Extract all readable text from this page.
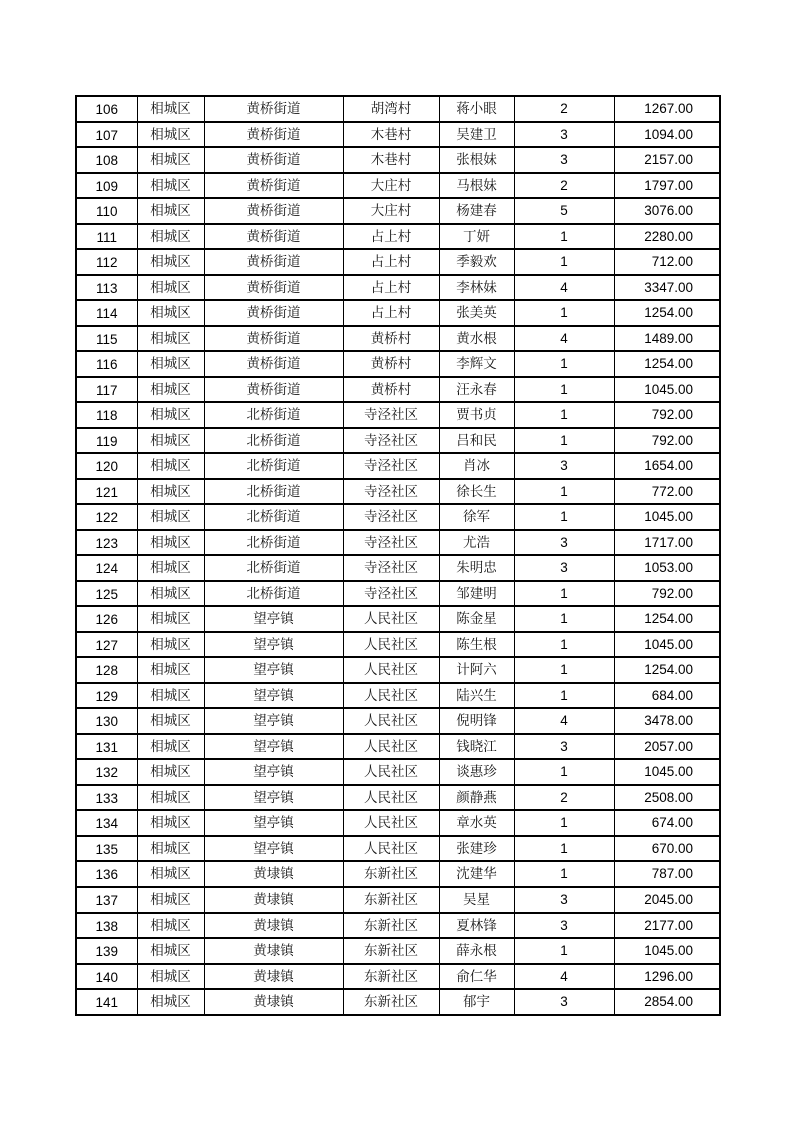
106	相城区	黄桥街道	胡湾村	蒋小眼	2	1267.00
107	相城区	黄桥街道	木巷村	吴建卫	3	1094.00
108	相城区	黄桥街道	木巷村	张根妹	3	2157.00
109	相城区	黄桥街道	大庄村	马根妹	2	1797.00
110	相城区	黄桥街道	大庄村	杨建春	5	3076.00
111	相城区	黄桥街道	占上村	丁妍	1	2280.00
112	相城区	黄桥街道	占上村	季毅欢	1	712.00
113	相城区	黄桥街道	占上村	李林妹	4	3347.00
114	相城区	黄桥街道	占上村	张美英	1	1254.00
115	相城区	黄桥街道	黄桥村	黄水根	4	1489.00
116	相城区	黄桥街道	黄桥村	李辉文	1	1254.00
117	相城区	黄桥街道	黄桥村	汪永春	1	1045.00
118	相城区	北桥街道	寺泾社区	贾书贞	1	792.00
119	相城区	北桥街道	寺泾社区	吕和民	1	792.00
120	相城区	北桥街道	寺泾社区	肖冰	3	1654.00
121	相城区	北桥街道	寺泾社区	徐长生	1	772.00
122	相城区	北桥街道	寺泾社区	徐军	1	1045.00
123	相城区	北桥街道	寺泾社区	尤浩	3	1717.00
124	相城区	北桥街道	寺泾社区	朱明忠	3	1053.00
125	相城区	北桥街道	寺泾社区	邹建明	1	792.00
126	相城区	望亭镇	人民社区	陈金星	1	1254.00
127	相城区	望亭镇	人民社区	陈生根	1	1045.00
128	相城区	望亭镇	人民社区	计阿六	1	1254.00
129	相城区	望亭镇	人民社区	陆兴生	1	684.00
130	相城区	望亭镇	人民社区	倪明锋	4	3478.00
131	相城区	望亭镇	人民社区	钱晓江	3	2057.00
132	相城区	望亭镇	人民社区	谈惠珍	1	1045.00
133	相城区	望亭镇	人民社区	颜静燕	2	2508.00
134	相城区	望亭镇	人民社区	章水英	1	674.00
135	相城区	望亭镇	人民社区	张建珍	1	670.00
136	相城区	黄埭镇	东新社区	沈建华	1	787.00
137	相城区	黄埭镇	东新社区	吴星	3	2045.00
138	相城区	黄埭镇	东新社区	夏林锋	3	2177.00
139	相城区	黄埭镇	东新社区	薛永根	1	1045.00
140	相城区	黄埭镇	东新社区	俞仁华	4	1296.00
141	相城区	黄埭镇	东新社区	郁宇	3	2854.00
